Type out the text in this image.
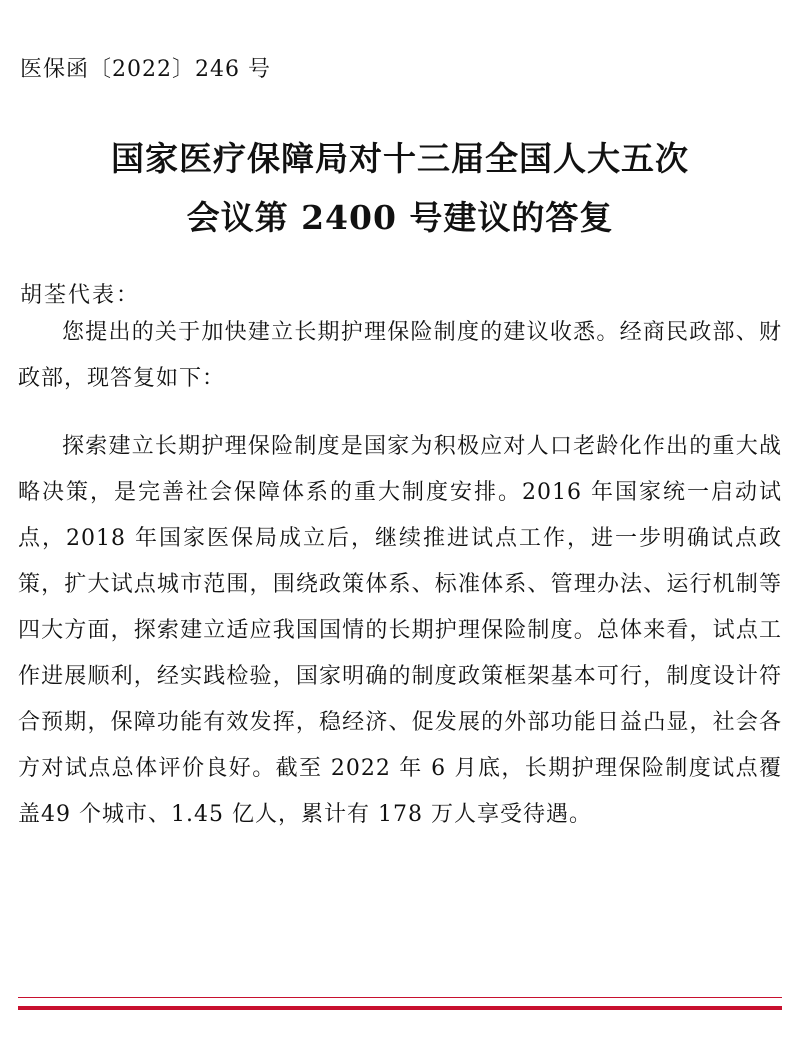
医保函〔2022〕246 号
国家医疗保障局对十三届全国人大五次
会议第 2400 号建议的答复
胡荃代表：
您提出的关于加快建立长期护理保险制度的建议收悉。经商民政部、财政部，现答复如下：
探索建立长期护理保险制度是国家为积极应对人口老龄化作出的重大战略决策，是完善社会保障体系的重大制度安排。2016 年国家统一启动试点，2018 年国家医保局成立后，继续推进试点工作，进一步明确试点政策，扩大试点城市范围，围绕政策体系、标准体系、管理办法、运行机制等四大方面，探索建立适应我国国情的长期护理保险制度。总体来看，试点工作进展顺利，经实践检验，国家明确的制度政策框架基本可行，制度设计符合预期，保障功能有效发挥，稳经济、促发展的外部功能日益凸显，社会各方对试点总体评价良好。截至 2022 年 6 月底，长期护理保险制度试点覆盖49 个城市、1.45 亿人，累计有 178 万人享受待遇。
